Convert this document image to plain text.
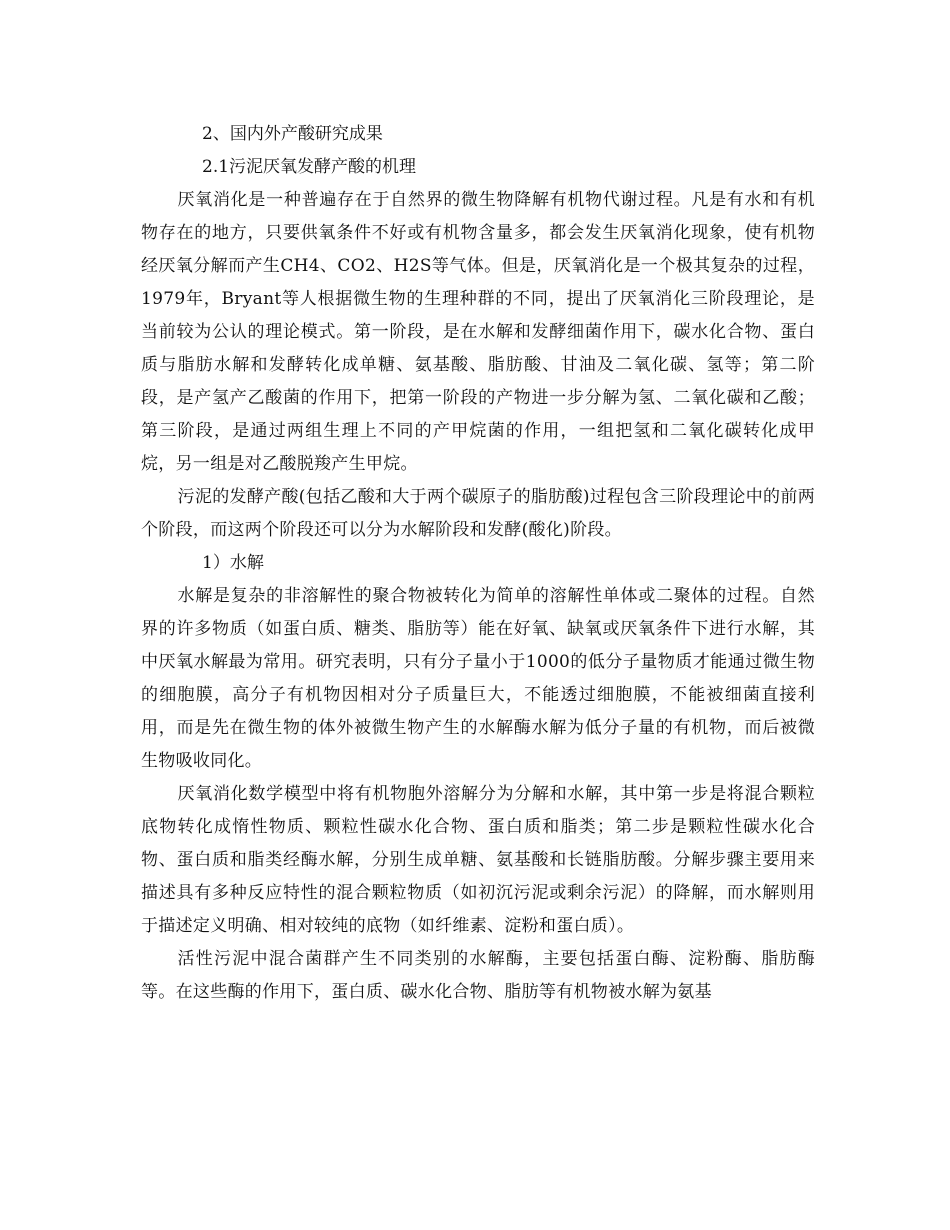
2、国内外产酸研究成果
2.1污泥厌氧发酵产酸的机理

厌氧消化是一种普遍存在于自然界的微生物降解有机物代谢过程。凡是有水和有机物存在的地方，只要供氧条件不好或有机物含量多，都会发生厌氧消化现象，使有机物经厌氧分解而产生CH4、CO2、H2S等气体。但是，厌氧消化是一个极其复杂的过程，1979年，Bryant等人根据微生物的生理种群的不同，提出了厌氧消化三阶段理论，是当前较为公认的理论模式。第一阶段，是在水解和发酵细菌作用下，碳水化合物、蛋白质与脂肪水解和发酵转化成单糖、氨基酸、脂肪酸、甘油及二氧化碳、氢等；第二阶段，是产氢产乙酸菌的作用下，把第一阶段的产物进一步分解为氢、二氧化碳和乙酸；第三阶段，是通过两组生理上不同的产甲烷菌的作用，一组把氢和二氧化碳转化成甲烷，另一组是对乙酸脱羧产生甲烷。

污泥的发酵产酸(包括乙酸和大于两个碳原子的脂肪酸)过程包含三阶段理论中的前两个阶段，而这两个阶段还可以分为水解阶段和发酵(酸化)阶段。

1）水解

水解是复杂的非溶解性的聚合物被转化为简单的溶解性单体或二聚体的过程。自然界的许多物质（如蛋白质、糖类、脂肪等）能在好氧、缺氧或厌氧条件下进行水解，其中厌氧水解最为常用。研究表明，只有分子量小于1000的低分子量物质才能通过微生物的细胞膜，高分子有机物因相对分子质量巨大，不能透过细胞膜，不能被细菌直接利用，而是先在微生物的体外被微生物产生的水解酶水解为低分子量的有机物，而后被微生物吸收同化。

厌氧消化数学模型中将有机物胞外溶解分为分解和水解，其中第一步是将混合颗粒底物转化成惰性物质、颗粒性碳水化合物、蛋白质和脂类；第二步是颗粒性碳水化合物、蛋白质和脂类经酶水解，分别生成单糖、氨基酸和长链脂肪酸。分解步骤主要用来描述具有多种反应特性的混合颗粒物质（如初沉污泥或剩余污泥）的降解，而水解则用于描述定义明确、相对较纯的底物（如纤维素、淀粉和蛋白质）。

活性污泥中混合菌群产生不同类别的水解酶，主要包括蛋白酶、淀粉酶、脂肪酶等。在这些酶的作用下，蛋白质、碳水化合物、脂肪等有机物被水解为氨基
